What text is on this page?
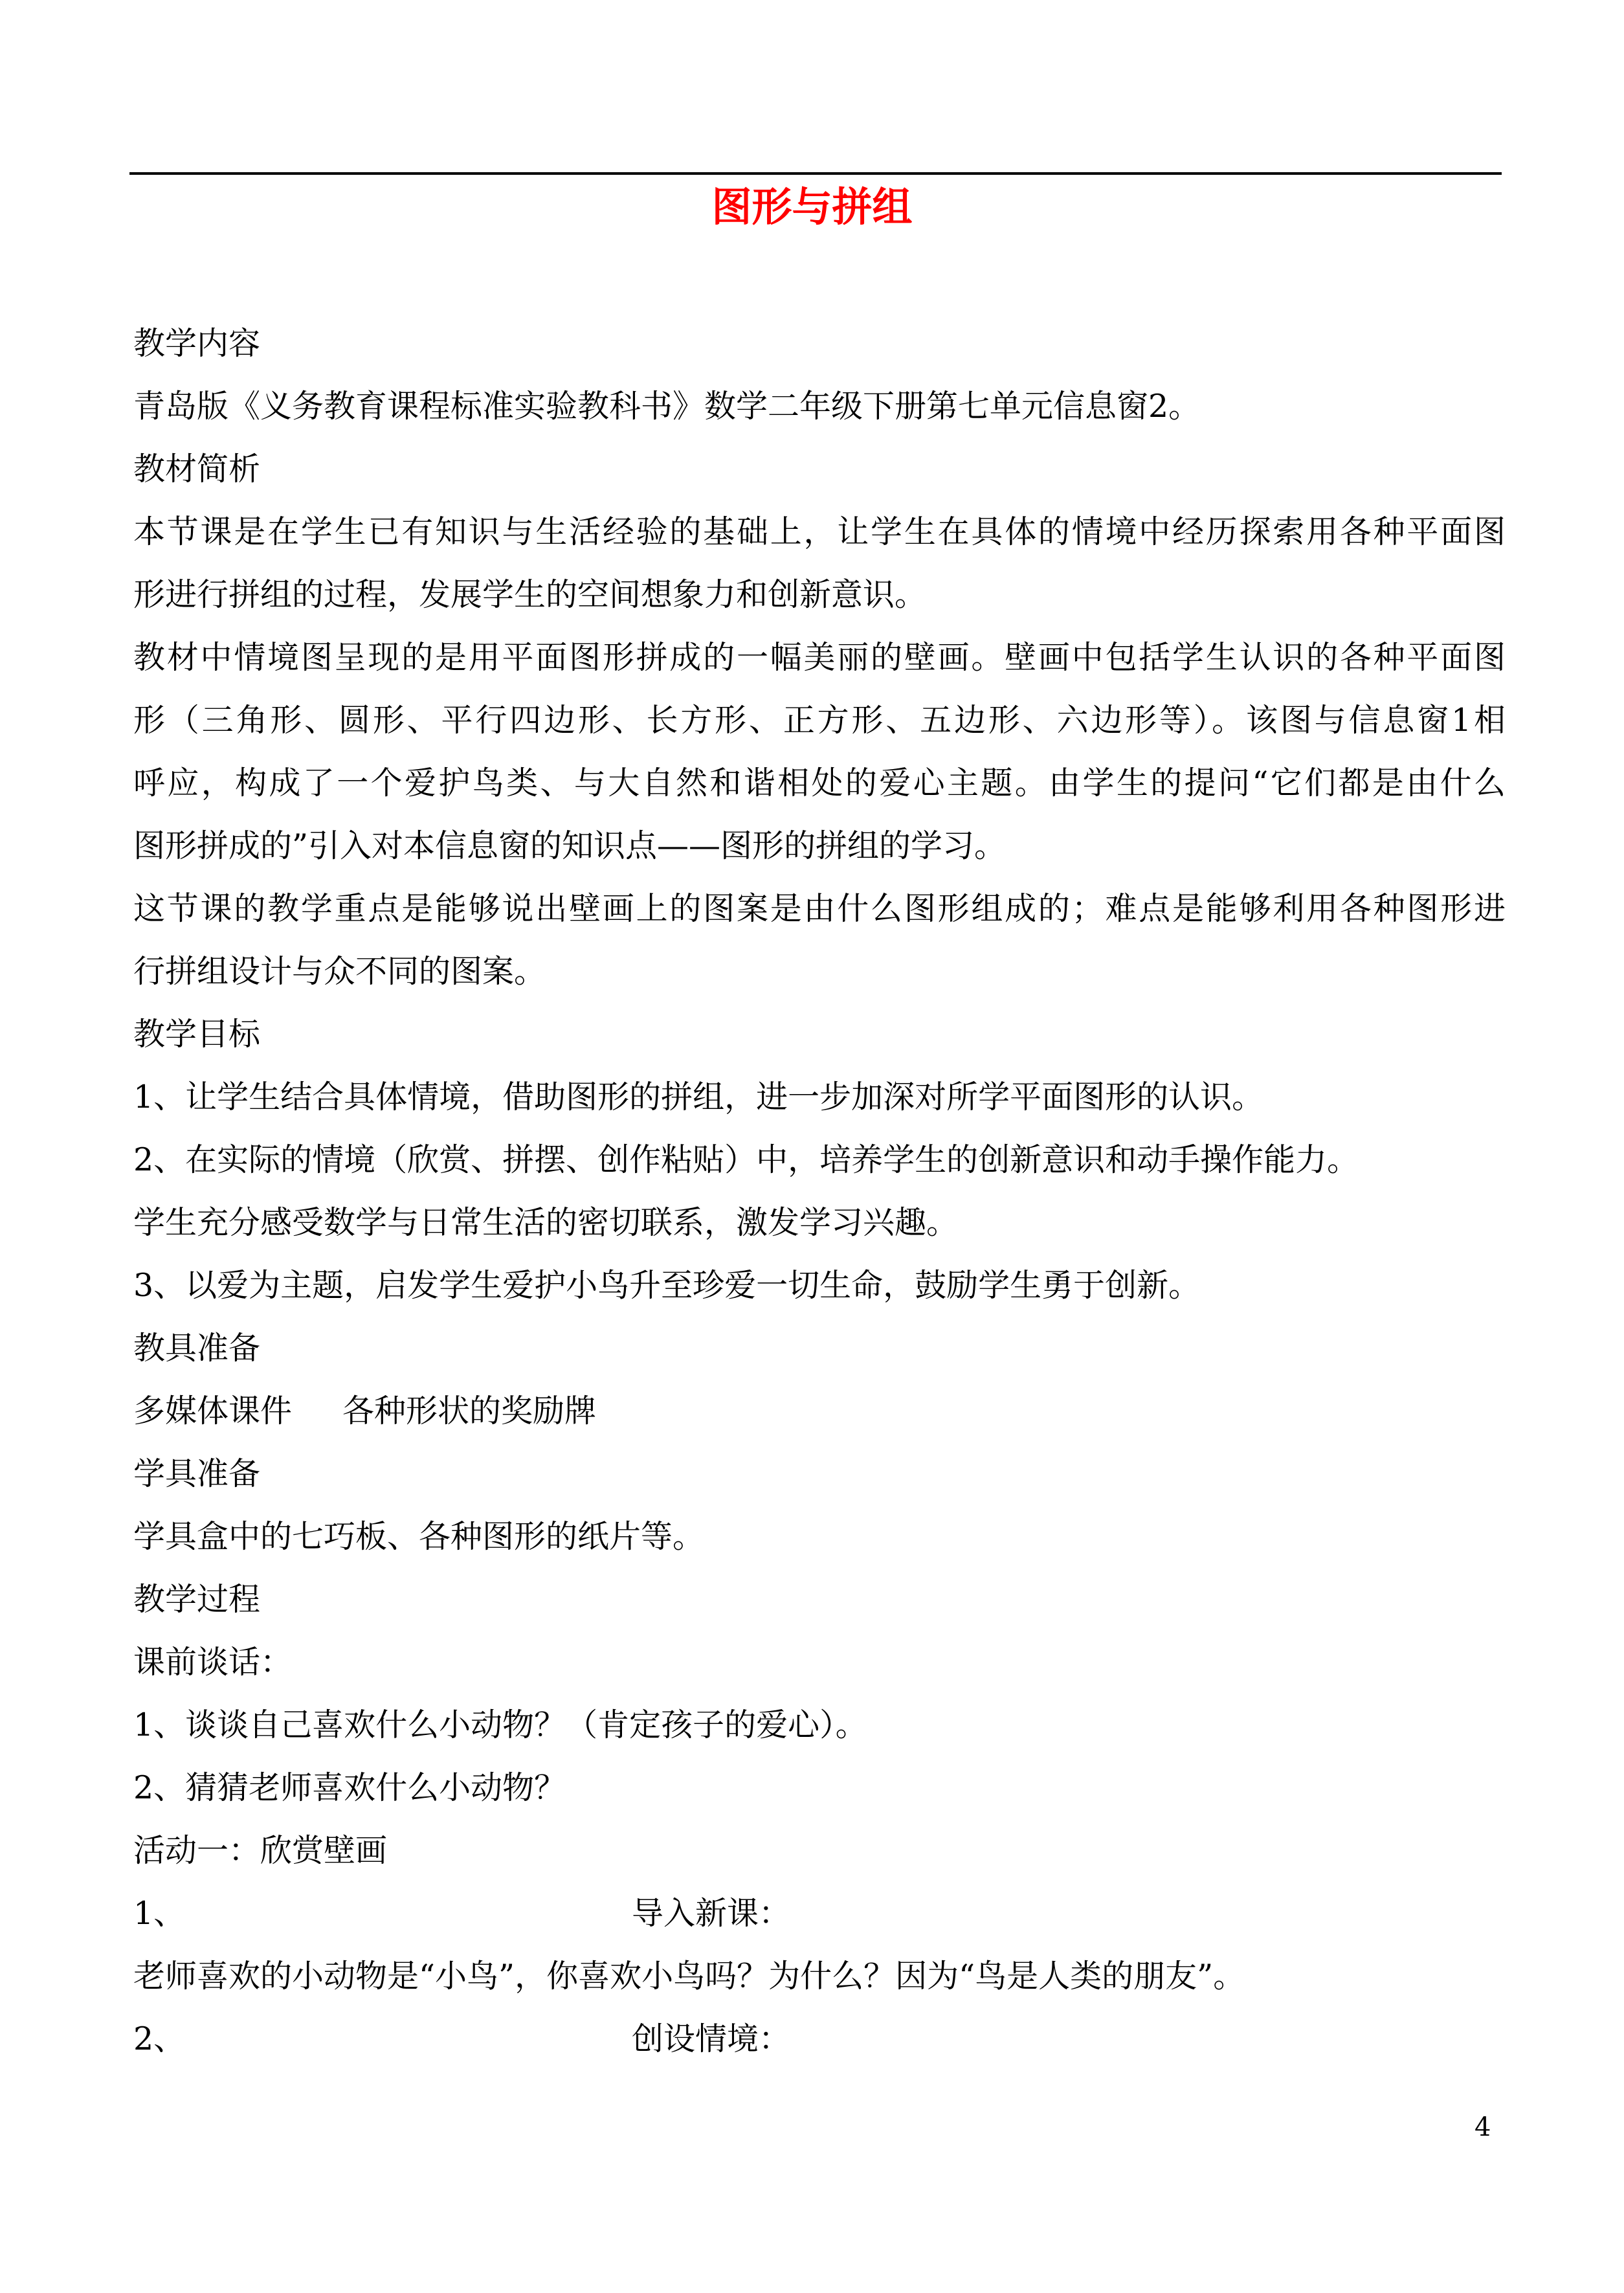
图形与拼组

教学内容

青岛版《义务教育课程标准实验教科书》数学二年级下册第七单元信息窗2。

教材简析

本节课是在学生已有知识与生活经验的基础上，让学生在具体的情境中经历探索用各种平面图

形进行拼组的过程，发展学生的空间想象力和创新意识。

教材中情境图呈现的是用平面图形拼成的一幅美丽的壁画。壁画中包括学生认识的各种平面图

形（三角形、圆形、平行四边形、长方形、正方形、五边形、六边形等）。该图与信息窗1相

呼应，构成了一个爱护鸟类、与大自然和谐相处的爱心主题。由学生的提问“它们都是由什么

图形拼成的”引入对本信息窗的知识点——图形的拼组的学习。

这节课的教学重点是能够说出壁画上的图案是由什么图形组成的；难点是能够利用各种图形进

行拼组设计与众不同的图案。

教学目标

1、让学生结合具体情境，借助图形的拼组，进一步加深对所学平面图形的认识。

2、在实际的情境（欣赏、拼摆、创作粘贴）中，培养学生的创新意识和动手操作能力。

学生充分感受数学与日常生活的密切联系，激发学习兴趣。

3、以爱为主题，启发学生爱护小鸟升至珍爱一切生命，鼓励学生勇于创新。

教具准备

多媒体课件 各种形状的奖励牌

学具准备

学具盒中的七巧板、各种图形的纸片等。

教学过程

课前谈话：

1、谈谈自己喜欢什么小动物？（肯定孩子的爱心）。

2、猜猜老师喜欢什么小动物？

活动一：欣赏壁画

1、	导入新课：

老师喜欢的小动物是“小鸟”，你喜欢小鸟吗？为什么？因为“鸟是人类的朋友”。

2、	创设情境：

4
